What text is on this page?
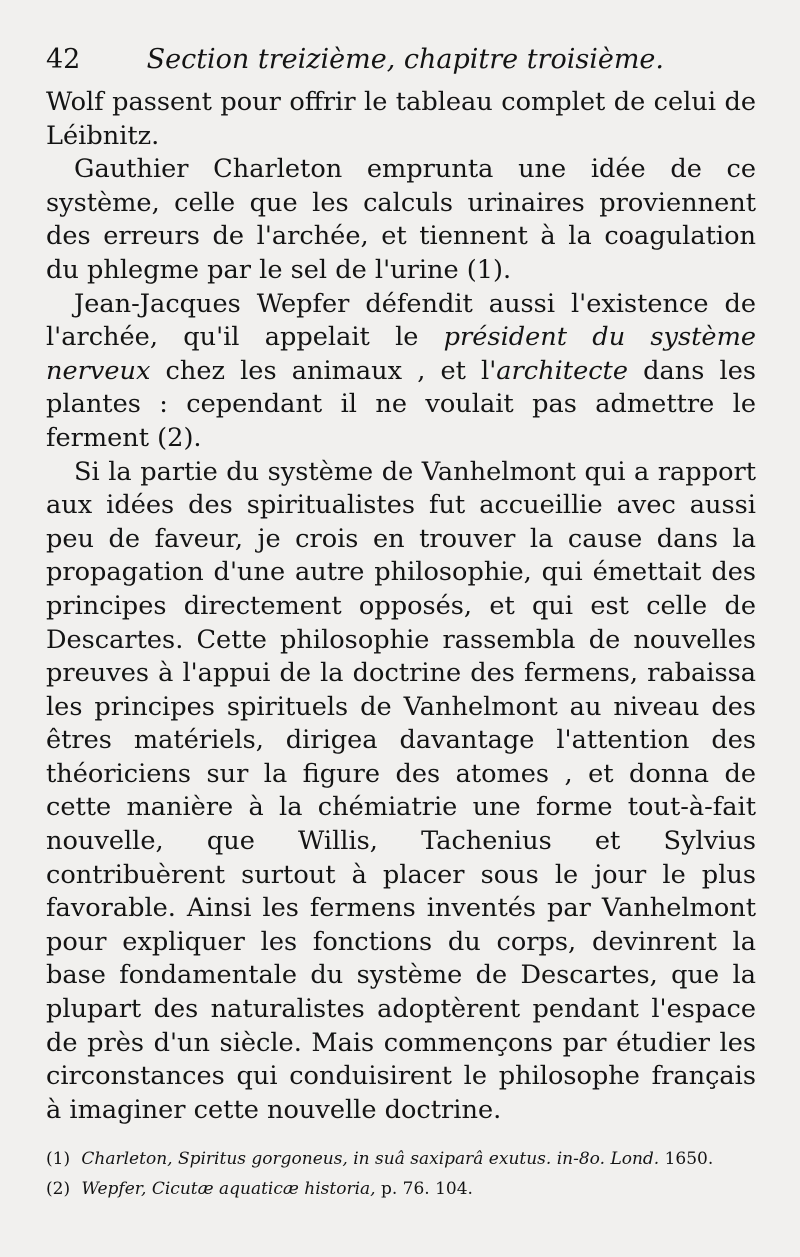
42 Section treizième, chapitre troisième.

Wolf passent pour offrir le tableau complet de celui de Léibnitz.

Gauthier Charleton emprunta une idée de ce système, celle que les calculs urinaires proviennent des erreurs de l'archée, et tiennent à la coagulation du phlegme par le sel de l'urine (1).

Jean-Jacques Wepfer défendit aussi l'existence de l'archée, qu'il appelait le président du système nerveux chez les animaux , et l'architecte dans les plantes : cependant il ne voulait pas admettre le ferment (2).

Si la partie du système de Vanhelmont qui a rapport aux idées des spiritualistes fut accueillie avec aussi peu de faveur, je crois en trouver la cause dans la propagation d'une autre philosophie, qui émettait des principes directement opposés, et qui est celle de Descartes. Cette philosophie rassembla de nouvelles preuves à l'appui de la doctrine des fermens, rabaissa les principes spirituels de Vanhelmont au niveau des êtres matériels, dirigea davantage l'attention des théoriciens sur la figure des atomes , et donna de cette manière à la chémiatrie une forme tout-à-fait nouvelle, que Willis, Tachenius et Sylvius contribuèrent surtout à placer sous le jour le plus favorable. Ainsi les fermens inventés par Vanhelmont pour expliquer les fonctions du corps, devinrent la base fondamentale du système de Descartes, que la plupart des naturalistes adoptèrent pendant l'espace de près d'un siècle. Mais commençons par étudier les circonstances qui conduisirent le philosophe français à imaginer cette nouvelle doctrine.

(1) Charleton, Spiritus gorgoneus, in suâ saxiparâ exutus. in-8o. Lond. 1650.

(2) Wepfer, Cicutæ aquaticæ historia, p. 76. 104.
